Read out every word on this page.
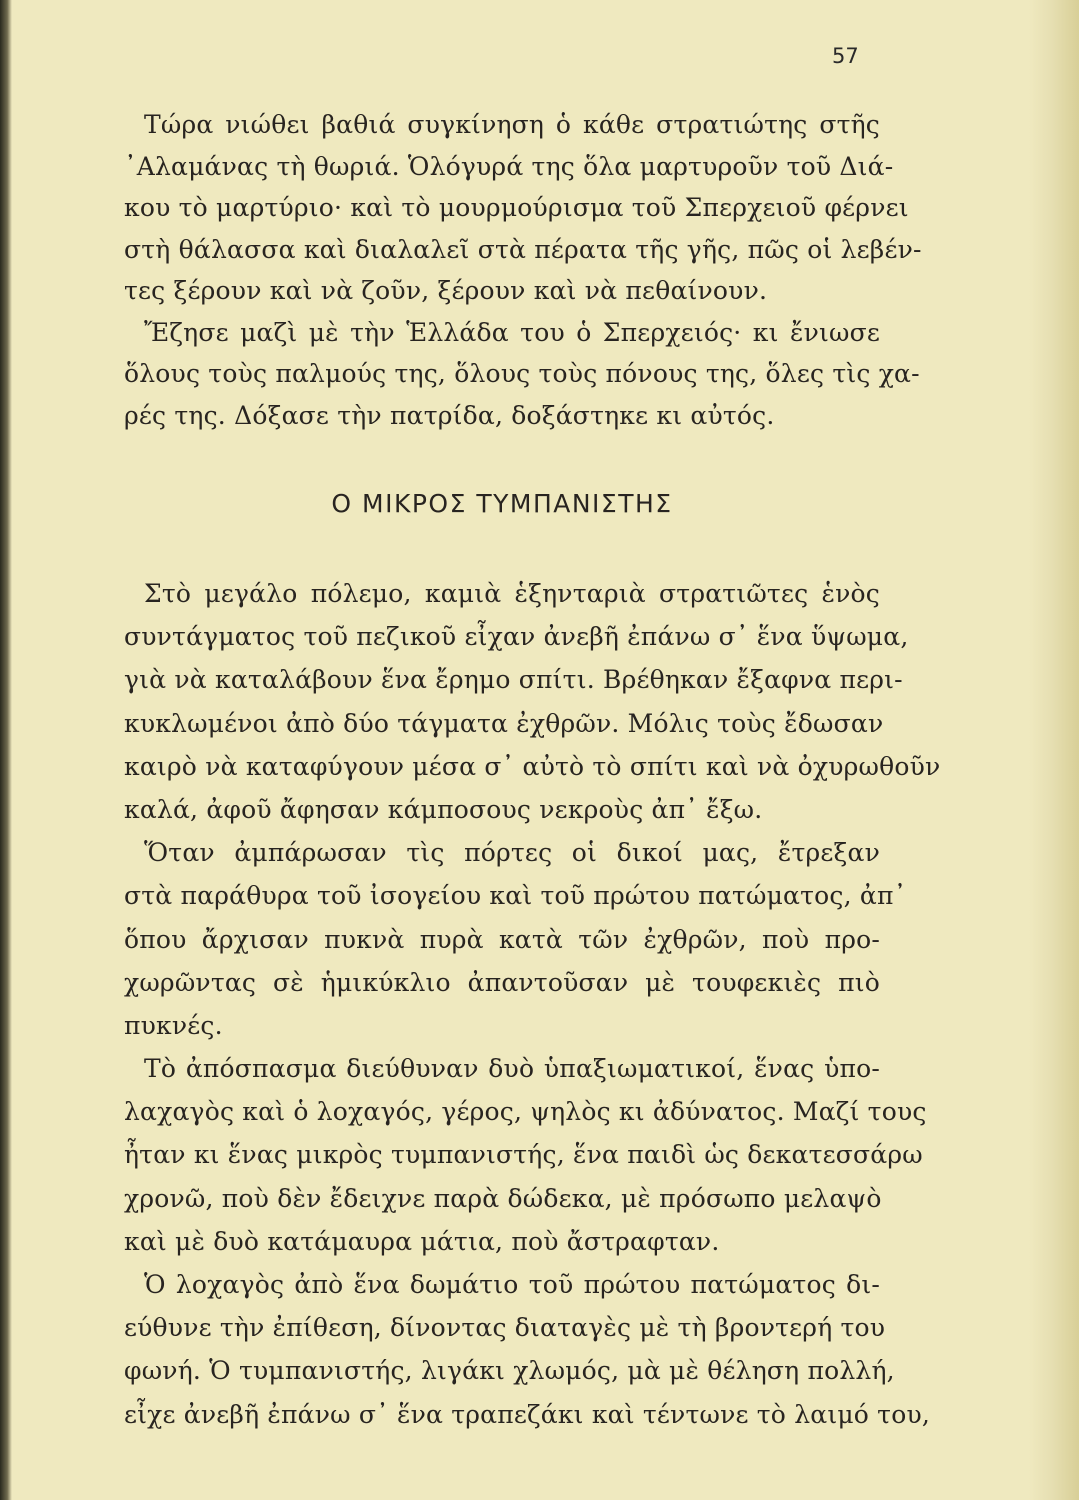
57
Τώρα νιώθει βαθιά συγκίνηση ὁ κάθε στρατιώτης στῆς
᾿Αλαμάνας τὴ θωριά. Ὁλόγυρά της ὅλα μαρτυροῦν τοῦ Διά-
κου τὸ μαρτύριο· καὶ τὸ μουρμούρισμα τοῦ Σπερχειοῦ φέρνει
στὴ θάλασσα καὶ διαλαλεῖ στὰ πέρατα τῆς γῆς, πῶς οἱ λεβέν-
τες ξέρουν καὶ νὰ ζοῦν, ξέρουν καὶ νὰ πεθαίνουν.
Ἔζησε μαζὶ μὲ τὴν Ἑλλάδα του ὁ Σπερχειός· κι ἔνιωσε
ὅλους τοὺς παλμούς της, ὅλους τοὺς πόνους της, ὅλες τὶς χα-
ρές της. Δόξασε τὴν πατρίδα, δοξάστηκε κι αὐτός.
Ο ΜΙΚΡΟΣ ΤΥΜΠΑΝΙΣΤΗΣ
Στὸ μεγάλο πόλεμο, καμιὰ ἑξηνταριὰ στρατιῶτες ἑνὸς
συντάγματος τοῦ πεζικοῦ εἶχαν ἀνεβῆ ἐπάνω σ᾿ ἕνα ὕψωμα,
γιὰ νὰ καταλάβουν ἕνα ἔρημο σπίτι. Βρέθηκαν ἔξαφνα περι-
κυκλωμένοι ἀπὸ δύο τάγματα ἐχθρῶν. Μόλις τοὺς ἔδωσαν
καιρὸ νὰ καταφύγουν μέσα σ᾿ αὐτὸ τὸ σπίτι καὶ νὰ ὀχυρωθοῦν
καλά, ἀφοῦ ἄφησαν κάμποσους νεκροὺς ἀπ᾿ ἔξω.
Ὅταν ἀμπάρωσαν τὶς πόρτες οἱ δικοί μας, ἔτρεξαν
στὰ παράθυρα τοῦ ἰσογείου καὶ τοῦ πρώτου πατώματος, ἀπ᾿
ὅπου ἄρχισαν πυκνὰ πυρὰ κατὰ τῶν ἐχθρῶν, ποὺ προ-
χωρῶντας σὲ ἡμικύκλιο ἀπαντοῦσαν μὲ τουφεκιὲς πιὸ
πυκνές.
Τὸ ἀπόσπασμα διεύθυναν δυὸ ὑπαξιωματικοί, ἕνας ὑπο-
λαχαγὸς καὶ ὁ λοχαγός, γέρος, ψηλὸς κι ἀδύνατος. Μαζί τους
ἦταν κι ἕνας μικρὸς τυμπανιστής, ἕνα παιδὶ ὡς δεκατεσσάρω
χρονῶ, ποὺ δὲν ἔδειχνε παρὰ δώδεκα, μὲ πρόσωπο μελαψὸ
καὶ μὲ δυὸ κατάμαυρα μάτια, ποὺ ἄστραφταν.
Ὁ λοχαγὸς ἀπὸ ἕνα δωμάτιο τοῦ πρώτου πατώματος δι-
εύθυνε τὴν ἐπίθεση, δίνοντας διαταγὲς μὲ τὴ βροντερή του
φωνή. Ὁ τυμπανιστής, λιγάκι χλωμός, μὰ μὲ θέληση πολλή,
εἶχε ἀνεβῆ ἐπάνω σ᾿ ἕνα τραπεζάκι καὶ τέντωνε τὸ λαιμό του,
